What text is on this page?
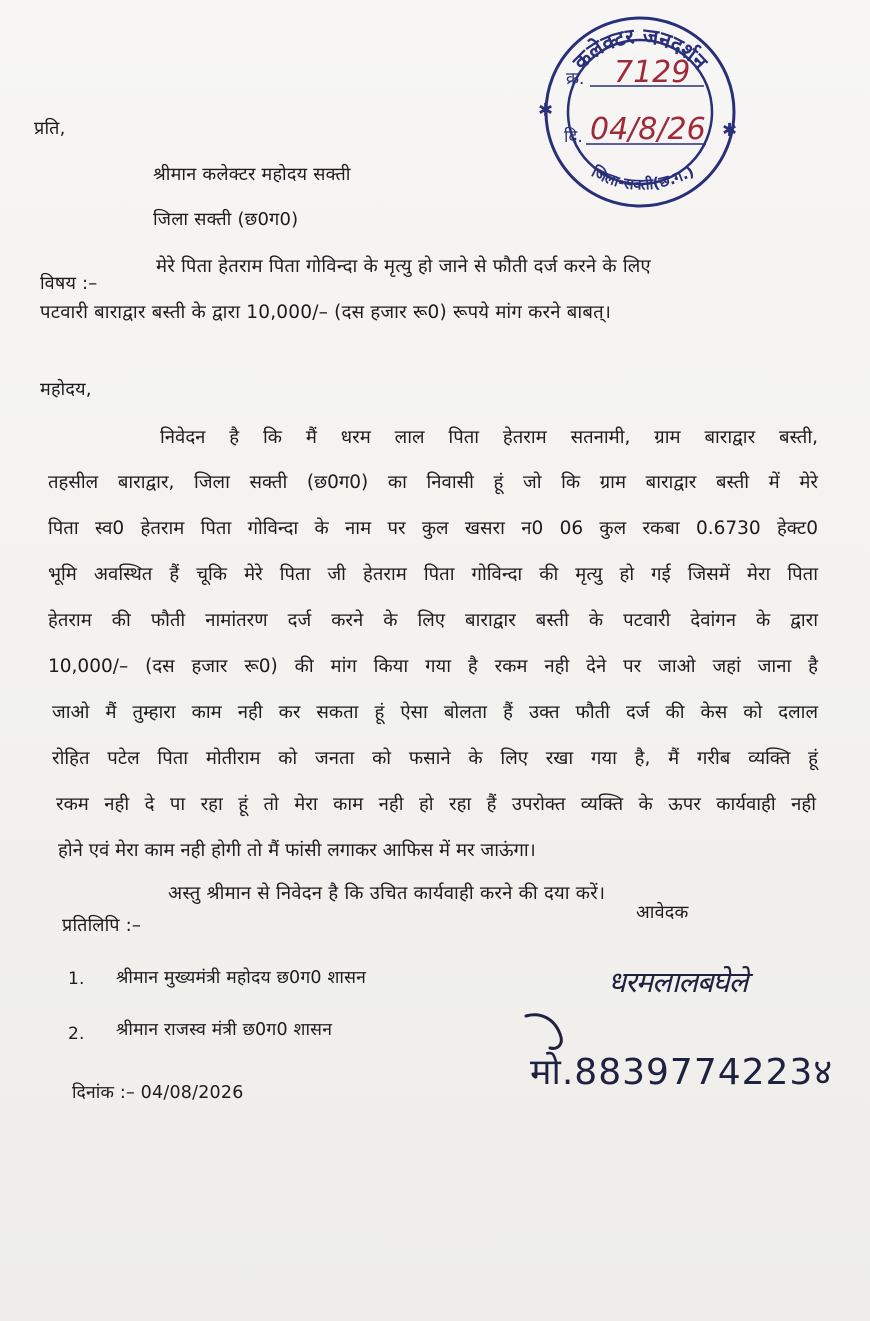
प्रति,
श्रीमान कलेक्टर महोदय सक्ती
जिला सक्ती (छ0ग0)
कलेक्टर जनदर्शन
जिला-सक्ती(छ.ग.)
✱
✱
क्र. 7129
दि. 04/8/26
विषय :–
मेरे पिता हेतराम पिता गोविन्दा के मृत्यु हो जाने से फौती दर्ज करने के लिए
पटवारी बाराद्वार बस्ती के द्वारा 10,000/– (दस हजार रू0) रूपये मांग करने बाबत्।
महोदय,
निवेदन है कि मैं धरम लाल पिता हेतराम सतनामी, ग्राम बाराद्वार बस्ती,
तहसील बाराद्वार, जिला सक्ती (छ0ग0) का निवासी हूं जो कि ग्राम बाराद्वार बस्ती में मेरे
पिता स्व0 हेतराम पिता गोविन्दा के नाम पर कुल खसरा न0 06 कुल रकबा 0.6730 हेक्ट0
भूमि अवस्थित हैं चूकि मेरे पिता जी हेतराम पिता गोविन्दा की मृत्यु हो गई जिसमें मेरा पिता
हेतराम की फौती नामांतरण दर्ज करने के लिए बाराद्वार बस्ती के पटवारी देवांगन के द्वारा
10,000/– (दस हजार रू0) की मांग किया गया है रकम नही देने पर जाओ जहां जाना है
जाओ मैं तुम्हारा काम नही कर सकता हूं ऐसा बोलता हैं उक्त फौती दर्ज की केस को दलाल
रोहित पटेल पिता मोतीराम को जनता को फसाने के लिए रखा गया है, मैं गरीब व्यक्ति हूं
रकम नही दे पा रहा हूं तो मेरा काम नही हो रहा हैं उपरोक्त व्यक्ति के ऊपर कार्यवाही नही
होने एवं मेरा काम नही होगी तो मैं फांसी लगाकर आफिस में मर जाऊंगा।
अस्तु श्रीमान से निवेदन है कि उचित कार्यवाही करने की दया करें।
आवेदक
प्रतिलिपि :–
1. श्रीमान मुख्यमंत्री महोदय छ0ग0 शासन
2. श्रीमान राजस्व मंत्री छ0ग0 शासन
दिनांक :– 04/08/2026
धरमलालबघेले
मो.8839774223४
